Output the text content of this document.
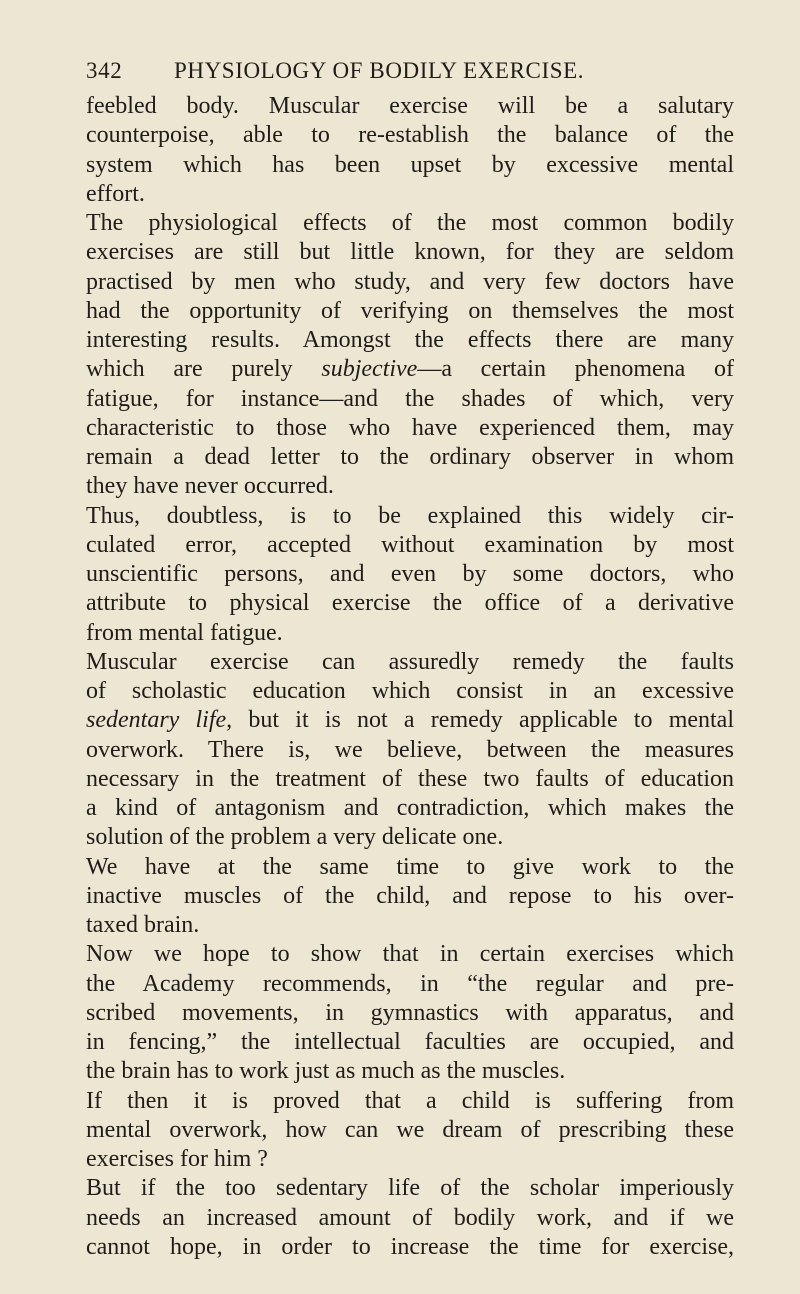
342 PHYSIOLOGY OF BODILY EXERCISE.
feebled body. Muscular exercise will be a salutary
counterpoise, able to re-establish the balance of the
system which has been upset by excessive mental
effort.
The physiological effects of the most common bodily
exercises are still but little known, for they are seldom
practised by men who study, and very few doctors have
had the opportunity of verifying on themselves the most
interesting results. Amongst the effects there are many
which are purely subjective—a certain phenomena of
fatigue, for instance—and the shades of which, very
characteristic to those who have experienced them, may
remain a dead letter to the ordinary observer in whom
they have never occurred.
Thus, doubtless, is to be explained this widely cir-
culated error, accepted without examination by most
unscientific persons, and even by some doctors, who
attribute to physical exercise the office of a derivative
from mental fatigue.
Muscular exercise can assuredly remedy the faults
of scholastic education which consist in an excessive
sedentary life, but it is not a remedy applicable to mental
overwork. There is, we believe, between the measures
necessary in the treatment of these two faults of education
a kind of antagonism and contradiction, which makes the
solution of the problem a very delicate one.
We have at the same time to give work to the
inactive muscles of the child, and repose to his over-
taxed brain.
Now we hope to show that in certain exercises which
the Academy recommends, in “the regular and pre-
scribed movements, in gymnastics with apparatus, and
in fencing,” the intellectual faculties are occupied, and
the brain has to work just as much as the muscles.
If then it is proved that a child is suffering from
mental overwork, how can we dream of prescribing these
exercises for him ?
But if the too sedentary life of the scholar imperiously
needs an increased amount of bodily work, and if we
cannot hope, in order to increase the time for exercise,
